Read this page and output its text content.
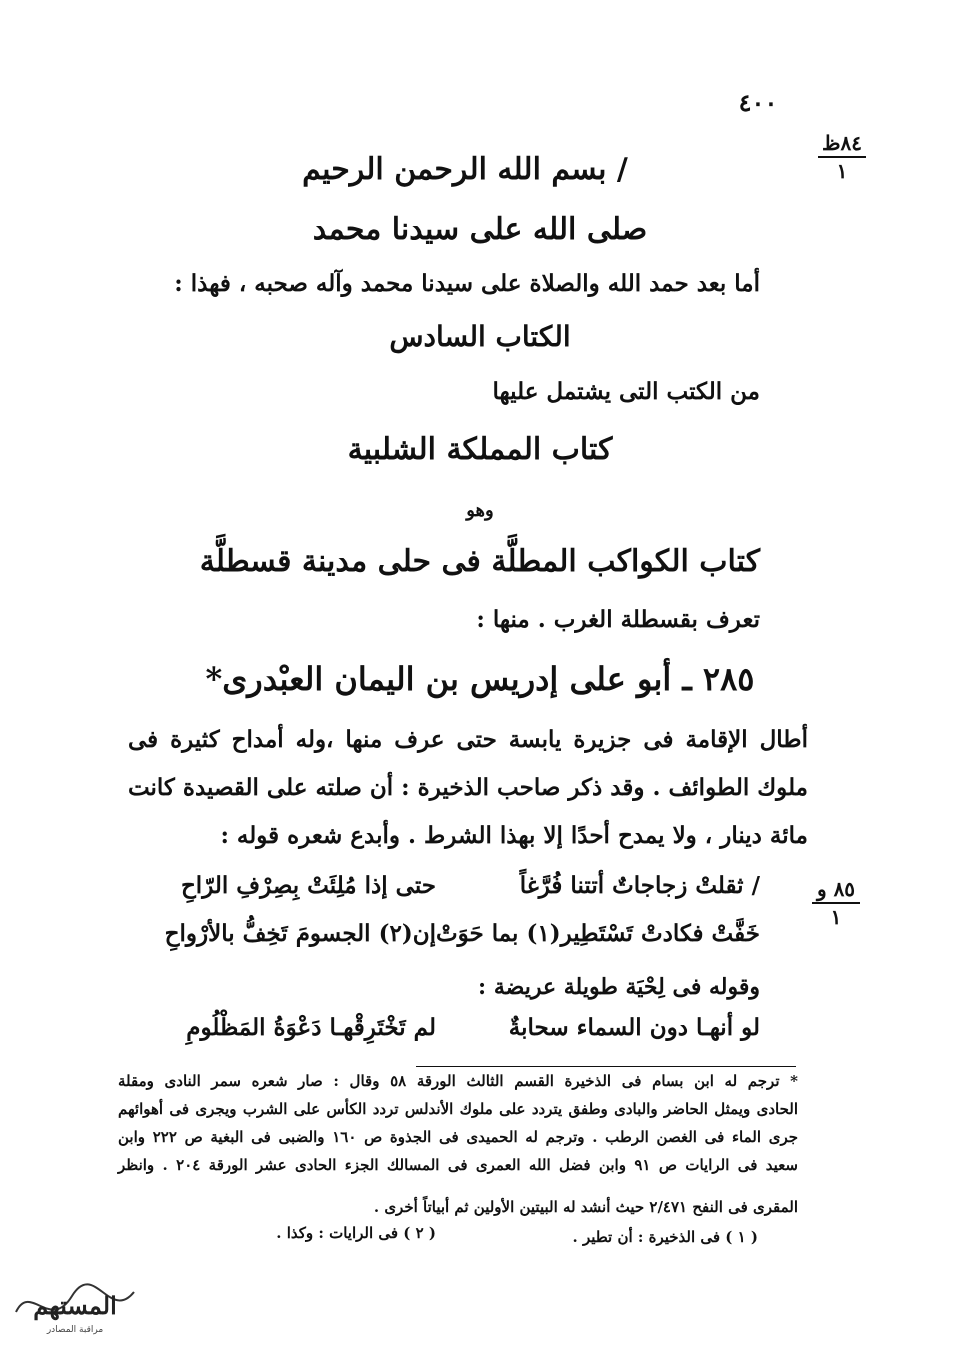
٤٠٠
٨٤ظ
١
/ بسم الله الرحمن الرحيم
صلى الله على سيدنا محمد
أما بعد حمد الله والصلاة على سيدنا محمد وآله صحبه ، فهذا :
الكتاب السادس
من الكتب التى يشتمل عليها
كتاب المملكة الشلبية
وهو
كتاب الكواكب المطلَّة فى حلى مدينة قسطلَّة
تعرف بقسطلة الغرب . منها :
٢٨٥ ـ أبو على إدريس بن اليمان العبْدرى*
أطال الإقامة فى جزيرة يابسة حتى عرف منها ،وله أمداح كثيرة فى
ملوك الطوائف . وقد ذكر صاحب الذخيرة : أن صلته على القصيدة كانت
مائة دينار ، ولا يمدح أحدًا إلا بهذا الشرط . وأبدع شعره قوله :
٨٥ و
١
/ ثقلتْ زجاجاتٌ أتتنا فُرَّغاً
حتى إذا مُلِئَتْ بِصِرْفِ الرّاحِ
خَفَّتْ فكادتْ تَسْتَطِير(١) بما حَوَتْ
إن(٢) الجسومَ تَخِفُّ بالأرْواحِ
وقوله فى لِحْيَة طويلة عريضة :
لو أنهـا دون السماء سحابةٌ
لم تَخْتَرِقْهـا دَعْوَةُ المَظْلُومِ
* ترجم له ابن بسام فى الذخيرة القسم الثالث الورقة ٥٨ وقال : صار شعره سمر النادى ومقلة
الحادى ويمثل الحاضر والبادى وطفق يتردد على ملوك الأندلس تردد الكأس على الشرب ويجرى فى أهوائهم
جرى الماء فى الغصن الرطب . وترجم له الحميدى فى الجذوة ص ١٦٠ والضبى فى البغية ص ٢٢٢ وابن
سعيد فى الرايات ص ٩١ وابن فضل الله العمرى فى المسالك الجزء الحادى عشر الورقة ٢٠٤ . وانظر
المقرى فى النفح ٢/٤٧١ حيث أنشد له البيتين الأولين ثم أبياتاً أخرى .
( ١ ) فى الذخيرة : أن تطير .
( ٢ ) فى الرايات : وكذا .
المستهم
مراقبة المصادر
